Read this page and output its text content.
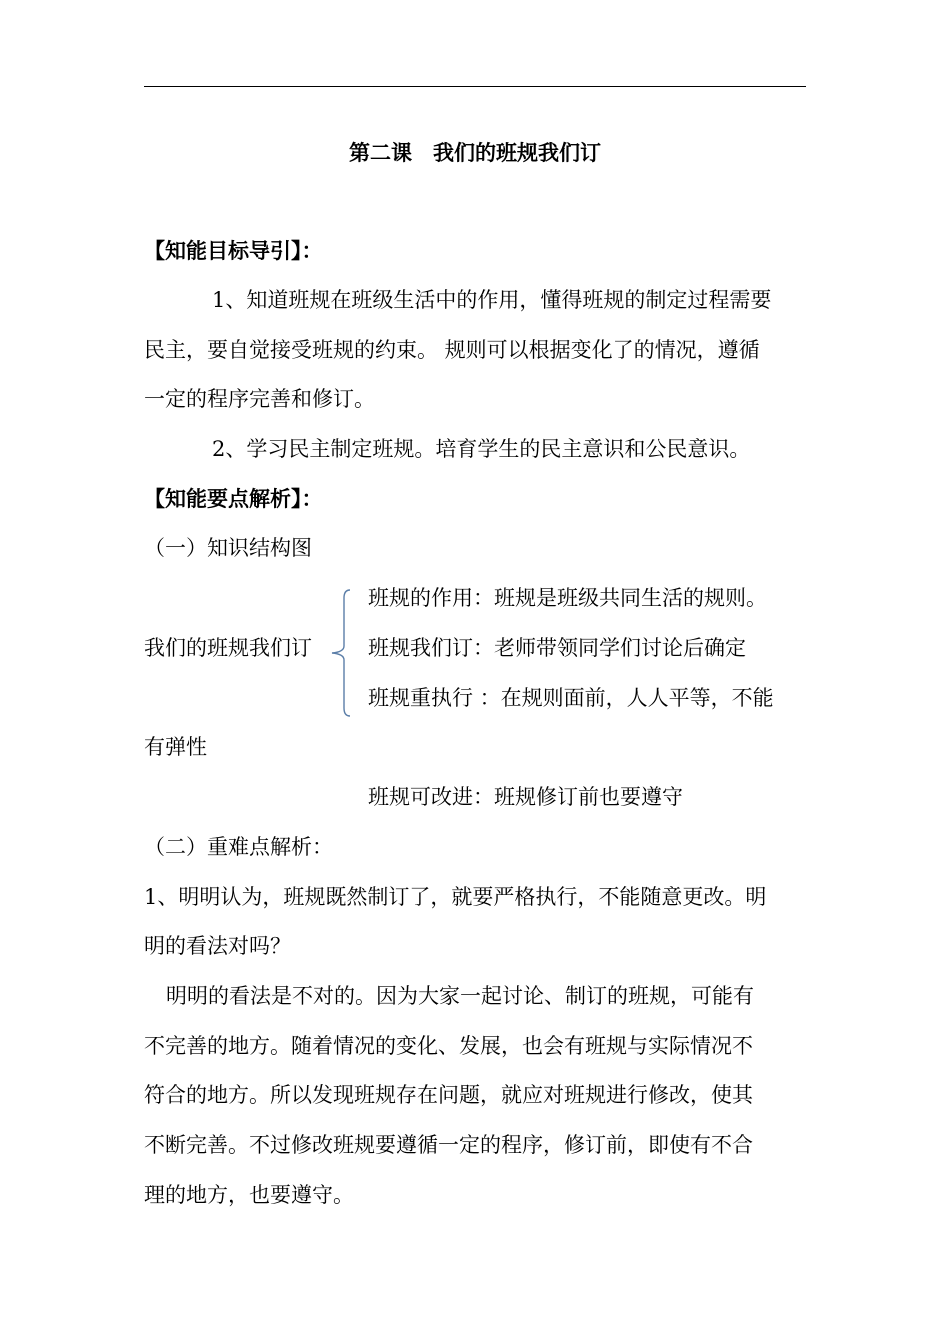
第二课　我们的班规我们订
【知能目标导引】：
1、知道班规在班级生活中的作用，懂得班规的制定过程需要
民主，要自觉接受班规的约束。 规则可以根据变化了的情况，遵循
一定的程序完善和修订。
2、学习民主制定班规。培育学生的民主意识和公民意识。
【知能要点解析】：
（一）知识结构图
班规的作用：班规是班级共同生活的规则。
我们的班规我们订	班规我们订：老师带领同学们讨论后确定
班规重执行 ：在规则面前，人人平等，不能
有弹性
班规可改进：班规修订前也要遵守
（二）重难点解析：
1、明明认为，班规既然制订了，就要严格执行，不能随意更改。明
明的看法对吗？
明明的看法是不对的。因为大家一起讨论、制订的班规，可能有
不完善的地方。随着情况的变化、发展，也会有班规与实际情况不
符合的地方。所以发现班规存在问题，就应对班规进行修改，使其
不断完善。不过修改班规要遵循一定的程序，修订前，即使有不合
理的地方，也要遵守。
